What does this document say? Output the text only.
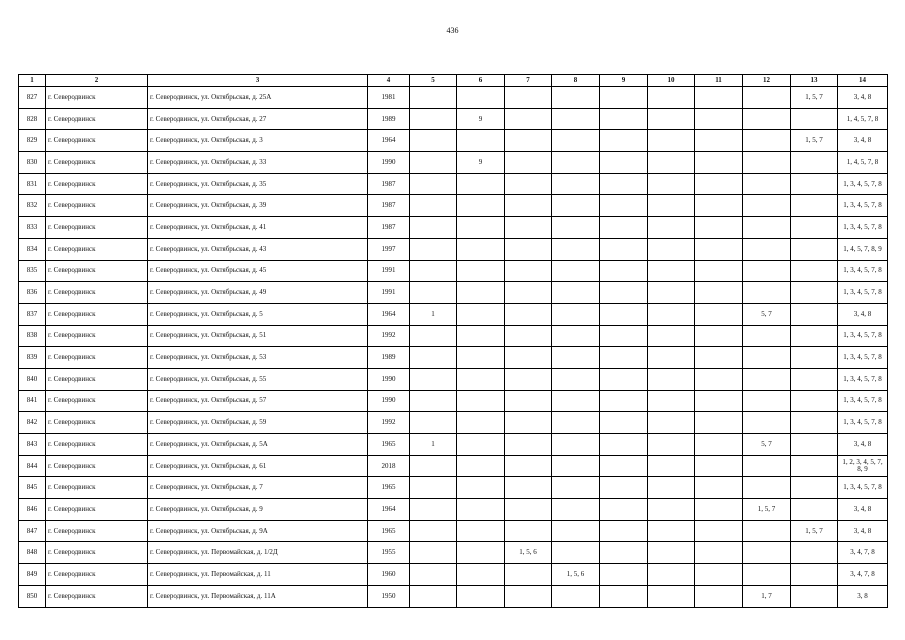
436
1	2	3	4	5	6	7	8	9	10	11	12	13	14
827	г. Северодвинск	г. Северодвинск, ул. Октябрьская, д. 25А	1981									1, 5, 7	3, 4, 8
828	г. Северодвинск	г. Северодвинск, ул. Октябрьская, д. 27	1989		9								1, 4, 5, 7, 8
829	г. Северодвинск	г. Северодвинск, ул. Октябрьская, д. 3	1964									1, 5, 7	3, 4, 8
830	г. Северодвинск	г. Северодвинск, ул. Октябрьская, д. 33	1990		9								1, 4, 5, 7, 8
831	г. Северодвинск	г. Северодвинск, ул. Октябрьская, д. 35	1987										1, 3, 4, 5, 7, 8
832	г. Северодвинск	г. Северодвинск, ул. Октябрьская, д. 39	1987										1, 3, 4, 5, 7, 8
833	г. Северодвинск	г. Северодвинск, ул. Октябрьская, д. 41	1987										1, 3, 4, 5, 7, 8
834	г. Северодвинск	г. Северодвинск, ул. Октябрьская, д. 43	1997										1, 4, 5, 7, 8, 9
835	г. Северодвинск	г. Северодвинск, ул. Октябрьская, д. 45	1991										1, 3, 4, 5, 7, 8
836	г. Северодвинск	г. Северодвинск, ул. Октябрьская, д. 49	1991										1, 3, 4, 5, 7, 8
837	г. Северодвинск	г. Северодвинск, ул. Октябрьская, д. 5	1964	1							5, 7		3, 4, 8
838	г. Северодвинск	г. Северодвинск, ул. Октябрьская, д. 51	1992										1, 3, 4, 5, 7, 8
839	г. Северодвинск	г. Северодвинск, ул. Октябрьская, д. 53	1989										1, 3, 4, 5, 7, 8
840	г. Северодвинск	г. Северодвинск, ул. Октябрьская, д. 55	1990										1, 3, 4, 5, 7, 8
841	г. Северодвинск	г. Северодвинск, ул. Октябрьская, д. 57	1990										1, 3, 4, 5, 7, 8
842	г. Северодвинск	г. Северодвинск, ул. Октябрьская, д. 59	1992										1, 3, 4, 5, 7, 8
843	г. Северодвинск	г. Северодвинск, ул. Октябрьская, д. 5А	1965	1							5, 7		3, 4, 8
844	г. Северодвинск	г. Северодвинск, ул. Октябрьская, д. 61	2018										1, 2, 3, 4, 5, 7, 8, 9
845	г. Северодвинск	г. Северодвинск, ул. Октябрьская, д. 7	1965										1, 3, 4, 5, 7, 8
846	г. Северодвинск	г. Северодвинск, ул. Октябрьская, д. 9	1964								1, 5, 7		3, 4, 8
847	г. Северодвинск	г. Северодвинск, ул. Октябрьская, д. 9А	1965									1, 5, 7	3, 4, 8
848	г. Северодвинск	г. Северодвинск, ул. Первомайская, д. 1/2Д	1955			1, 5, 6							3, 4, 7, 8
849	г. Северодвинск	г. Северодвинск, ул. Первомайская, д. 11	1960				1, 5, 6						3, 4, 7, 8
850	г. Северодвинск	г. Северодвинск, ул. Первомайская, д. 11А	1950								1, 7		3, 8
